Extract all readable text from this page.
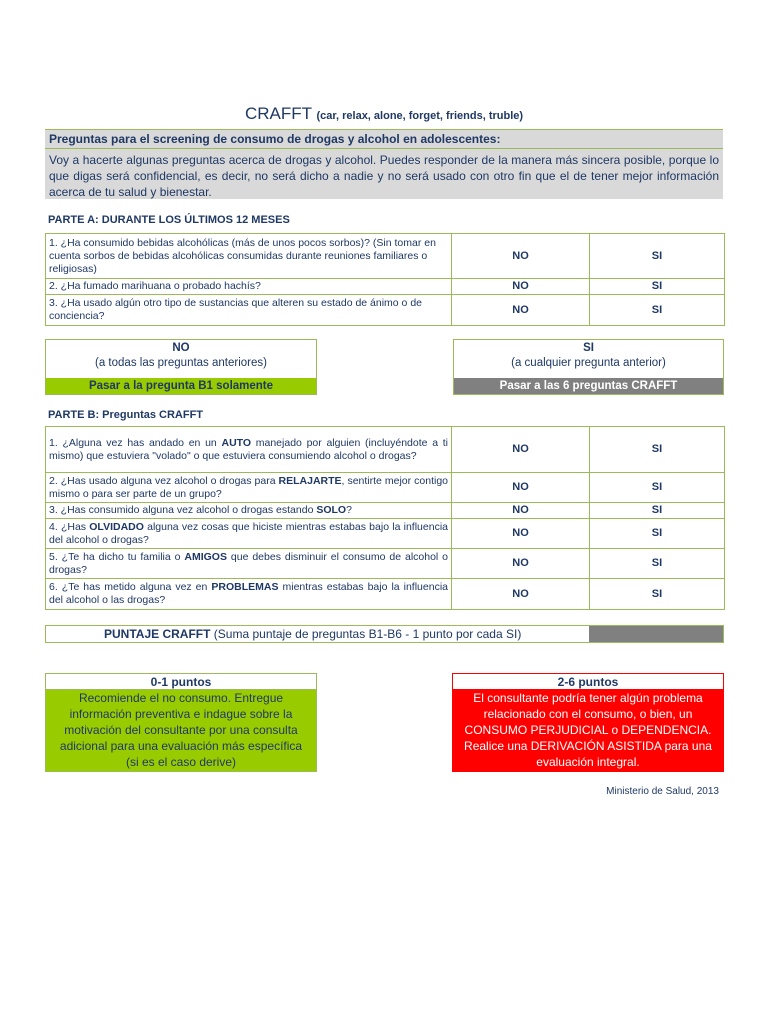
CRAFFT (car, relax, alone, forget, friends, truble)
Preguntas para el screening de consumo de drogas y alcohol en adolescentes:
Voy a hacerte algunas preguntas acerca de drogas y alcohol. Puedes responder de la manera más sincera posible, porque lo que digas será confidencial, es decir, no será dicho a nadie y no será usado con otro fin que el de tener mejor información acerca de tu salud y bienestar.
PARTE A: DURANTE LOS ÚLTIMOS 12 MESES
1. ¿Ha consumido bebidas alcohólicas (más de unos pocos sorbos)? (Sin tomar en cuenta sorbos de bebidas alcohólicas consumidas durante reuniones familiares o religiosas)	NO	SI
2. ¿Ha fumado marihuana o probado hachís?	NO	SI
3. ¿Ha usado algún otro tipo de sustancias que alteren su estado de ánimo o de conciencia?	NO	SI
NO
(a todas las preguntas anteriores)
Pasar a la pregunta B1 solamente
SI
(a cualquier pregunta anterior)
Pasar a las 6 preguntas CRAFFT
PARTE B: Preguntas CRAFFT
1. ¿Alguna vez has andado en un AUTO manejado por alguien (incluyéndote a ti mismo) que estuviera "volado" o que estuviera consumiendo alcohol o drogas?	NO	SI
2. ¿Has usado alguna vez alcohol o drogas para RELAJARTE, sentirte mejor contigo mismo o para ser parte de un grupo?	NO	SI
3. ¿Has consumido alguna vez alcohol o drogas estando SOLO?	NO	SI
4. ¿Has OLVIDADO alguna vez cosas que hiciste mientras estabas bajo la influencia del alcohol o drogas?	NO	SI
5. ¿Te ha dicho tu familia o AMIGOS que debes disminuir el consumo de alcohol o drogas?	NO	SI
6. ¿Te has metido alguna vez en PROBLEMAS mientras estabas bajo la influencia del alcohol o las drogas?	NO	SI
PUNTAJE CRAFFT (Suma puntaje de preguntas B1-B6 - 1 punto por cada SI)
0-1 puntos
Recomiende el no consumo. Entregue información preventiva e indague sobre la motivación del consultante por una consulta adicional para una evaluación más específica (si es el caso derive)
2-6 puntos
El consultante podría tener algún problema relacionado con el consumo, o bien, un CONSUMO PERJUDICIAL o DEPENDENCIA. Realice una DERIVACIÓN ASISTIDA para una evaluación integral.
Ministerio de Salud, 2013
